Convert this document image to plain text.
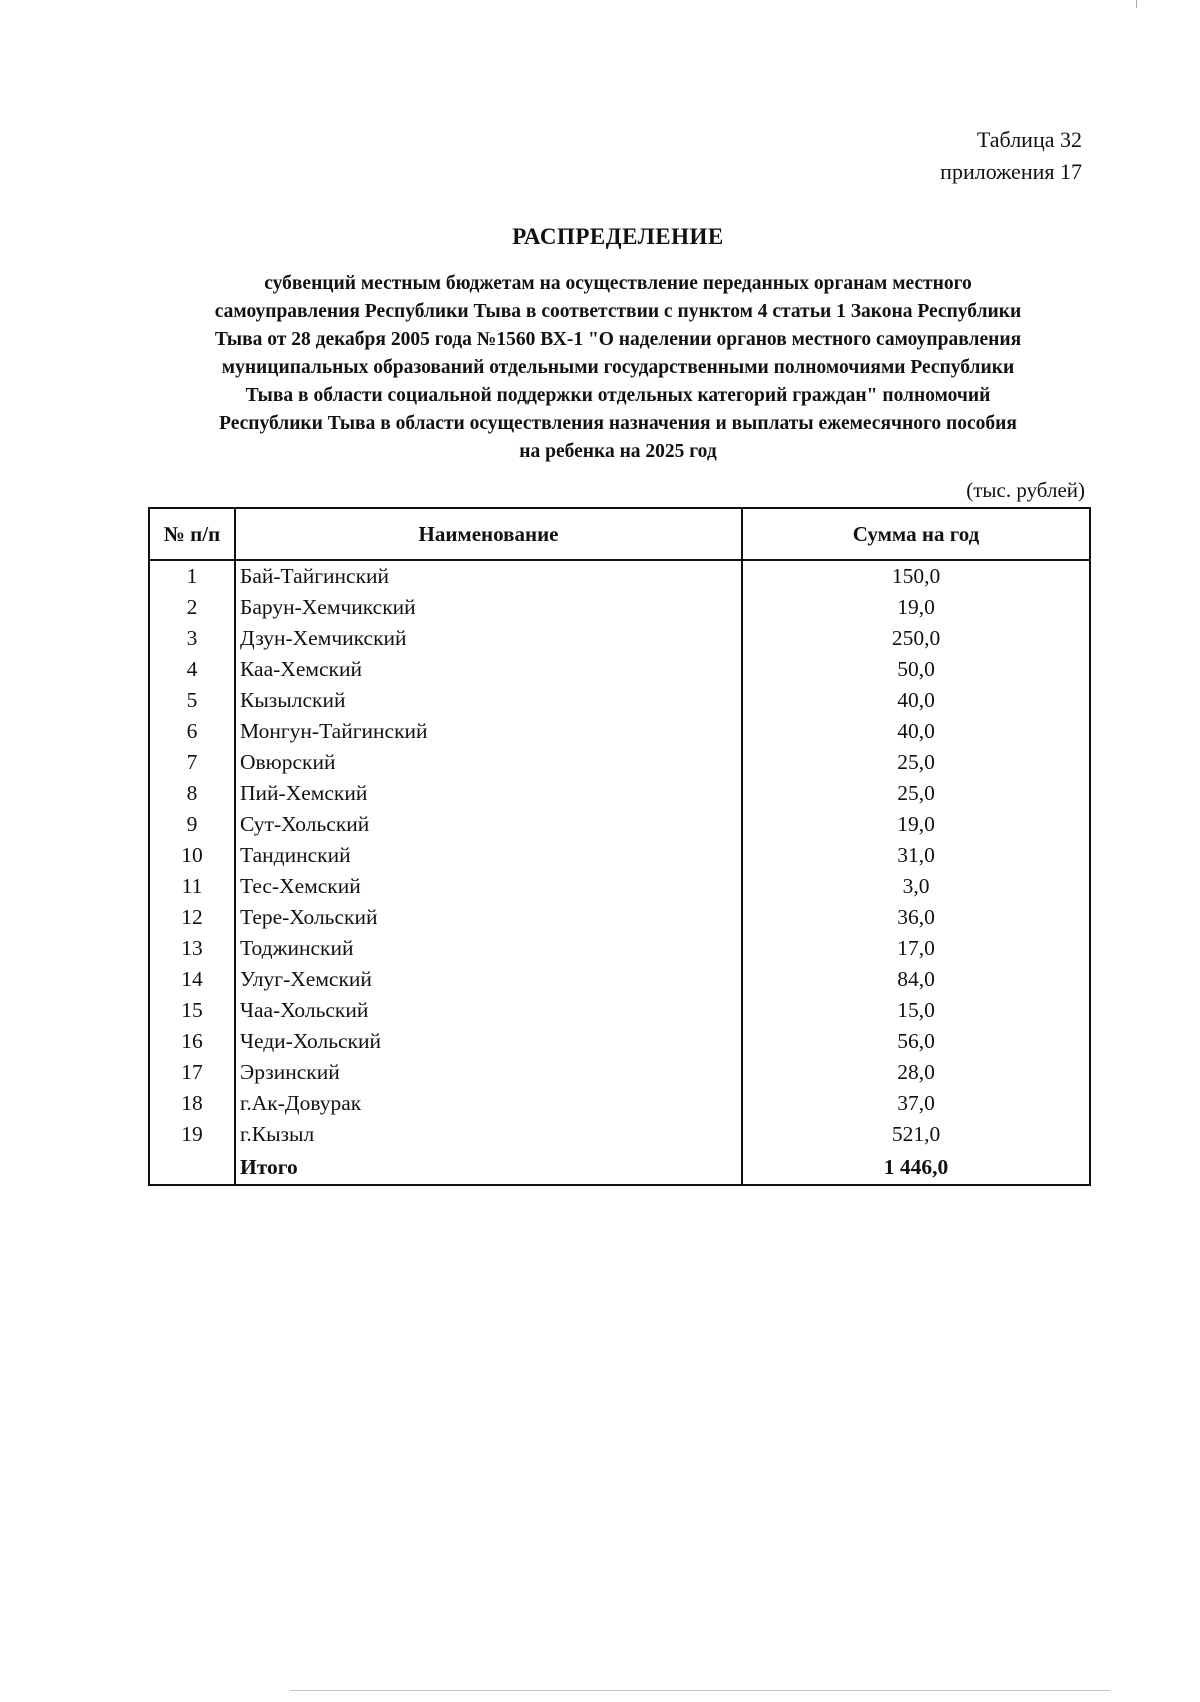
Таблица 32
приложения 17
РАСПРЕДЕЛЕНИЕ
субвенций местным бюджетам на осуществление переданных органам местного
самоуправления Республики Тыва в соответствии с пунктом 4 статьи 1 Закона Республики
Тыва от 28 декабря 2005 года №1560 ВХ-1 "О наделении органов местного самоуправления
муниципальных образований отдельными государственными полномочиями Республики
Тыва в области социальной поддержки отдельных категорий граждан" полномочий
Республики Тыва в области осуществления назначения и выплаты ежемесячного пособия
на ребенка на 2025 год
(тыс. рублей)
№ п/п	Наименование	Сумма на год
1	Бай-Тайгинский	150,0
2	Барун-Хемчикский	19,0
3	Дзун-Хемчикский	250,0
4	Каа-Хемский	50,0
5	Кызылский	40,0
6	Монгун-Тайгинский	40,0
7	Овюрский	25,0
8	Пий-Хемский	25,0
9	Сут-Хольский	19,0
10	Тандинский	31,0
11	Тес-Хемский	3,0
12	Тере-Хольский	36,0
13	Тоджинский	17,0
14	Улуг-Хемский	84,0
15	Чаа-Хольский	15,0
16	Чеди-Хольский	56,0
17	Эрзинский	28,0
18	г.Ак-Довурак	37,0
19	г.Кызыл	521,0
	Итого	1 446,0
